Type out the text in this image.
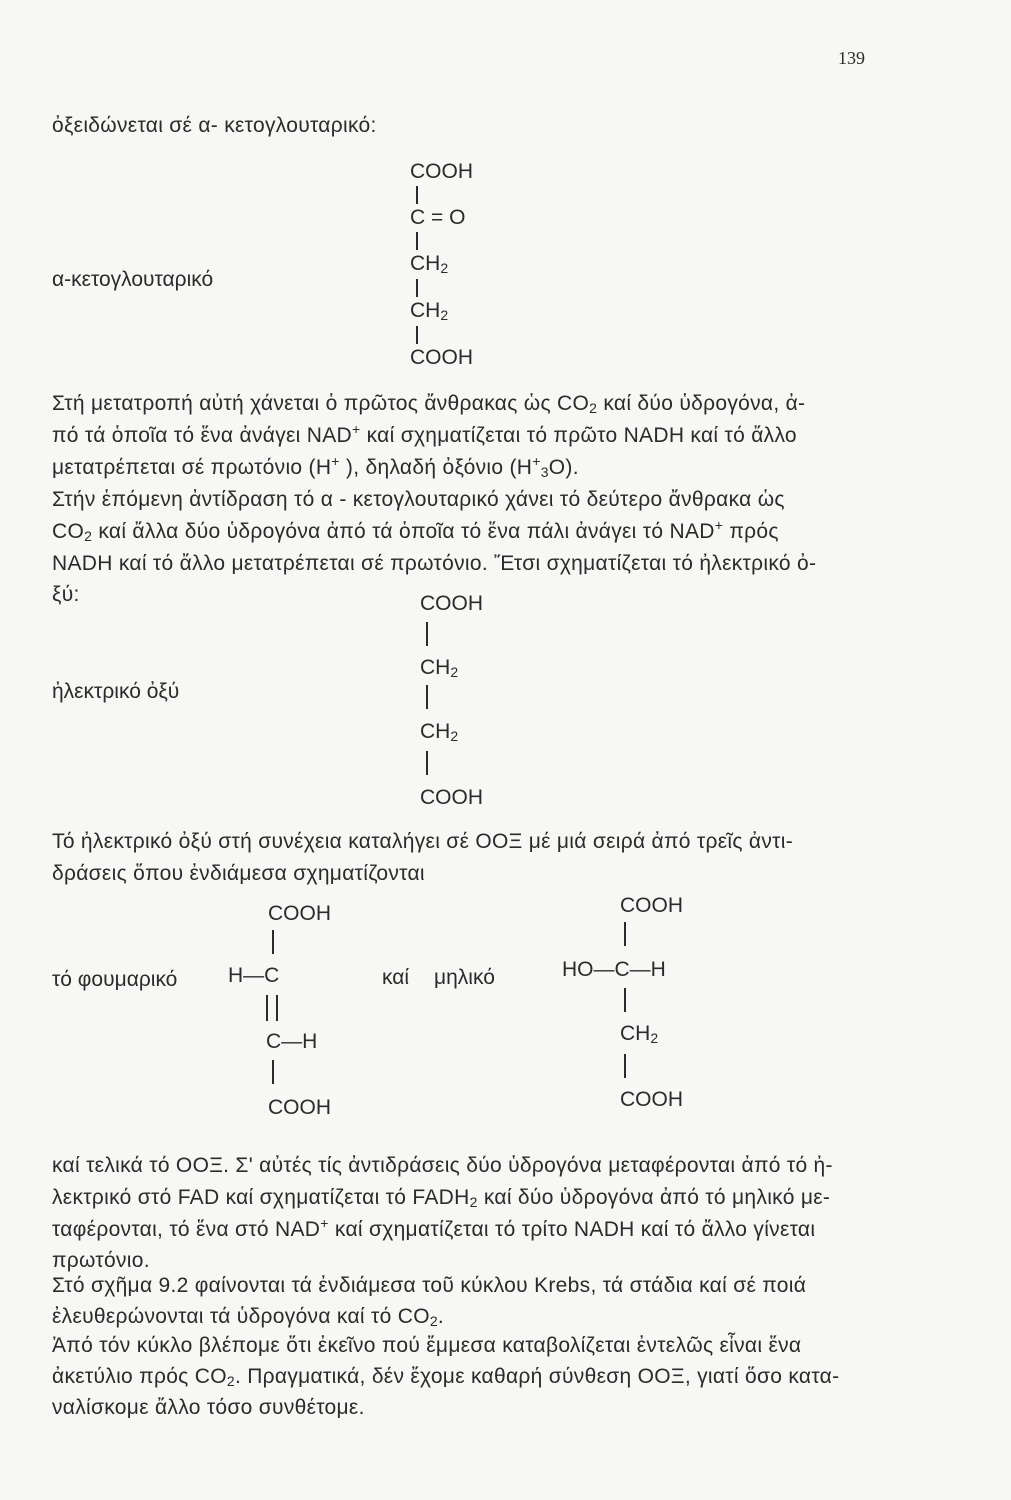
139
ὀξειδώνεται σέ α- κετογλουταρικό:
α-κετογλουταρικό
COOH
C = O
$CH_2$
$CH_2$
COOH
Στή μετατροπή αὐτή χάνεται ὁ πρῶτος ἄνθρακας ὡς $CO_2$ καί δύο ὑδρογόνα, ἀ-
πό τά ὁποῖα τό ἕνα ἀνάγει NAD+ καί σχηματίζεται τό πρῶτο NADH καί τό ἄλλο
μετατρέπεται σέ πρωτόνιο (H+ ), δηλαδή ὀξόνιο $(H^+_3O)$.
Στήν ἑπόμενη ἀντίδραση τό α - κετογλουταρικό χάνει τό δεύτερο ἄνθρακα ὡς
$CO_2$ καί ἄλλα δύο ὑδρογόνα ἀπό τά ὁποῖα τό ἕνα πάλι ἀνάγει τό NAD+ πρός
NADH καί τό ἄλλο μετατρέπεται σέ πρωτόνιο. Ἔτσι σχηματίζεται τό ἠλεκτρικό ὀ-
ξύ:
ἠλεκτρικό ὀξύ
COOH
$CH_2$
$CH_2$
COOH
Τό ἠλεκτρικό ὀξύ στή συνέχεια καταλήγει σέ ΟΟΞ μέ μιά σειρά ἀπό τρεῖς ἀντι-
δράσεις ὅπου ἐνδιάμεσα σχηματίζονται
τό φουμαρικό
COOH
H—C
C—H
COOH
καί μηλικό
COOH
HO—C—H
$CH_2$
COOH
καί τελικά τό ΟΟΞ. Σ' αὐτές τίς ἀντιδράσεις δύο ὑδρογόνα μεταφέρονται ἀπό τό ἠ-
λεκτρικό στό FAD καί σχηματίζεται τό $FADH_2$ καί δύο ὑδρογόνα ἀπό τό μηλικό με-
ταφέρονται, τό ἕνα στό NAD+ καί σχηματίζεται τό τρίτο NADH καί τό ἄλλο γίνεται
πρωτόνιο.
Στό σχῆμα 9.2 φαίνονται τά ἐνδιάμεσα τοῦ κύκλου Krebs, τά στάδια καί σέ ποιά
ἐλευθερώνονται τά ὑδρογόνα καί τό $CO_2$.
Ἀπό τόν κύκλο βλέπομε ὅτι ἐκεῖνο πού ἔμμεσα καταβολίζεται ἐντελῶς εἶναι ἕνα
ἀκετύλιο πρός $CO_2$. Πραγματικά, δέν ἔχομε καθαρή σύνθεση ΟΟΞ, γιατί ὅσο κατα-
ναλίσκομε ἄλλο τόσο συνθέτομε.
